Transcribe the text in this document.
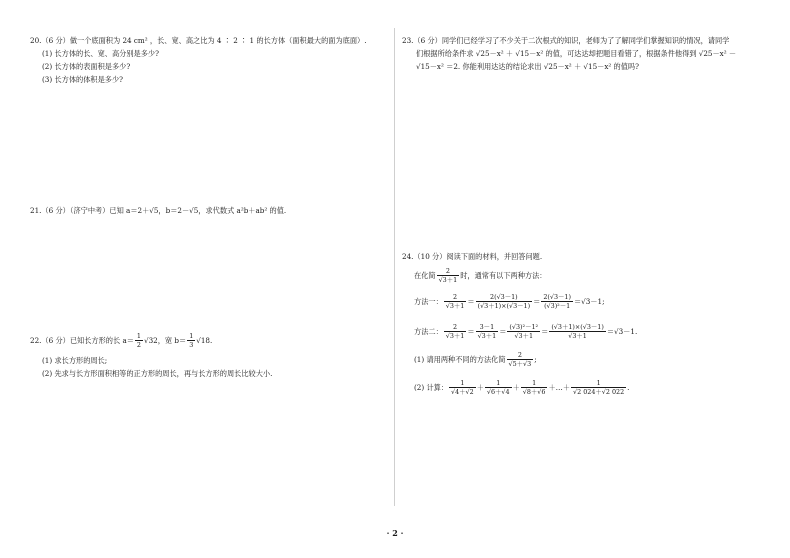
20.（6 分）做一个底面积为 24 cm² ，长、宽、高之比为 4 ∶ 2 ∶ 1 的长方体（面积最大的面为底面）.
(1) 长方体的长、宽、高分别是多少?
(2) 长方体的表面积是多少?
(3) 长方体的体积是多少?
21.（6 分）（济宁中考）已知 a＝2＋√5，b＝2－√5，求代数式 a²b＋ab² 的值.
22.（6 分）已知长方形的长 $a= \frac{1}{2} √32$，宽 $b= \frac{1}{3} √18$.
(1) 求长方形的周长;
(2) 先求与长方形面积相等的正方形的周长，再与长方形的周长比较大小.
23.（6 分）同学们已经学习了不少关于二次根式的知识，老师为了了解同学们掌握知识的情况，请同学
们根据所给条件求 √25－x² ＋ √15－x² 的值，可达达却把题目看错了，根据条件他得到 √25－x² －
√15－x² ＝2. 你能利用达达的结论求出 √25－x² ＋ √15－x² 的值吗?
24.（10 分）阅读下面的材料，并回答问题.
在化简 $\frac{2}{√3+1}$ 时，通常有以下两种方法：
方法一： $\frac{2}{√3+1} = \frac{2(√3-1)}{(√3+1)\times(√3-1)} = \frac{2(√3-1)}{\text{(√3)²－1}} =√3-1$;
方法二： $\frac{2}{√3+1} = \frac{3-1}{√3+1} = \frac{\text{(√3)²－1²}}{√3+1} = \frac{(√3+1)\times(√3-1)}{√3+1} =√3-1$.
(1) 请用两种不同的方法化简 $\frac{2}{√5+√3}$ ;
(2) 计算： $\frac{1}{√4+√2} + \frac{1}{√6+√4} + \frac{1}{√8+√6}$ ＋…＋ $\frac{1}{√2 024+√2 022}$ .
· 2 ·
